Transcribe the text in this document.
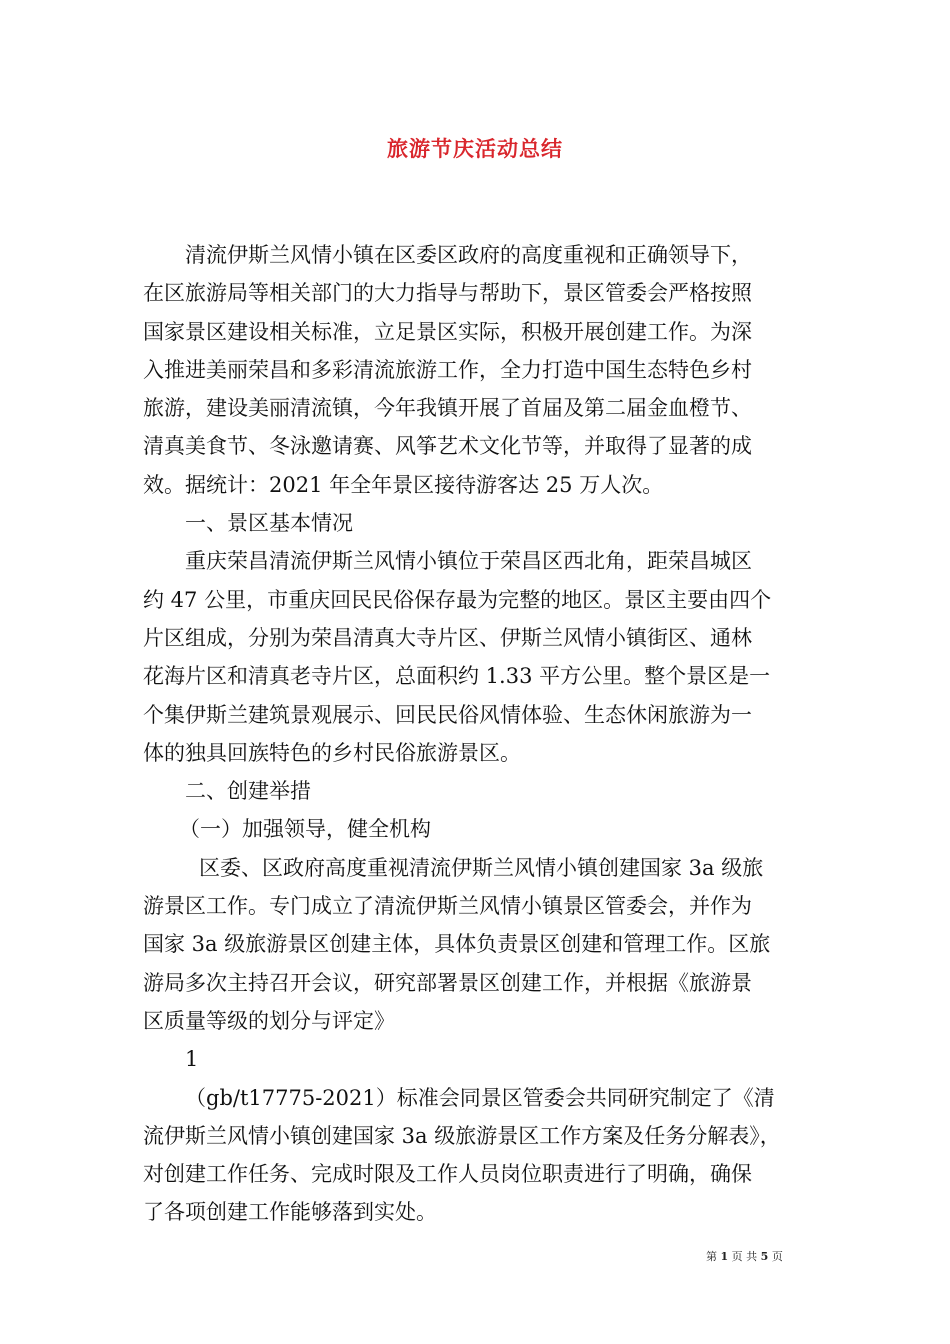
旅游节庆活动总结
清流伊斯兰风情小镇在区委区政府的高度重视和正确领导下，
在区旅游局等相关部门的大力指导与帮助下，景区管委会严格按照
国家景区建设相关标准，立足景区实际，积极开展创建工作。为深
入推进美丽荣昌和多彩清流旅游工作，全力打造中国生态特色乡村
旅游，建设美丽清流镇，今年我镇开展了首届及第二届金血橙节、
清真美食节、冬泳邀请赛、风筝艺术文化节等，并取得了显著的成
效。据统计：2021 年全年景区接待游客达 25 万人次。
一、景区基本情况
重庆荣昌清流伊斯兰风情小镇位于荣昌区西北角，距荣昌城区
约 47 公里，市重庆回民民俗保存最为完整的地区。景区主要由四个
片区组成，分别为荣昌清真大寺片区、伊斯兰风情小镇街区、通林
花海片区和清真老寺片区，总面积约 1.33 平方公里。整个景区是一
个集伊斯兰建筑景观展示、回民民俗风情体验、生态休闲旅游为一
体的独具回族特色的乡村民俗旅游景区。
二、创建举措
（一）加强领导，健全机构
区委、区政府高度重视清流伊斯兰风情小镇创建国家 3a 级旅
游景区工作。专门成立了清流伊斯兰风情小镇景区管委会，并作为
国家 3a 级旅游景区创建主体，具体负责景区创建和管理工作。区旅
游局多次主持召开会议，研究部署景区创建工作，并根据《旅游景
区质量等级的划分与评定》
1
（gb/t17775-2021）标准会同景区管委会共同研究制定了《清
流伊斯兰风情小镇创建国家 3a 级旅游景区工作方案及任务分解表》，
对创建工作任务、完成时限及工作人员岗位职责进行了明确，确保
了各项创建工作能够落到实处。
第 1 页 共 5 页
